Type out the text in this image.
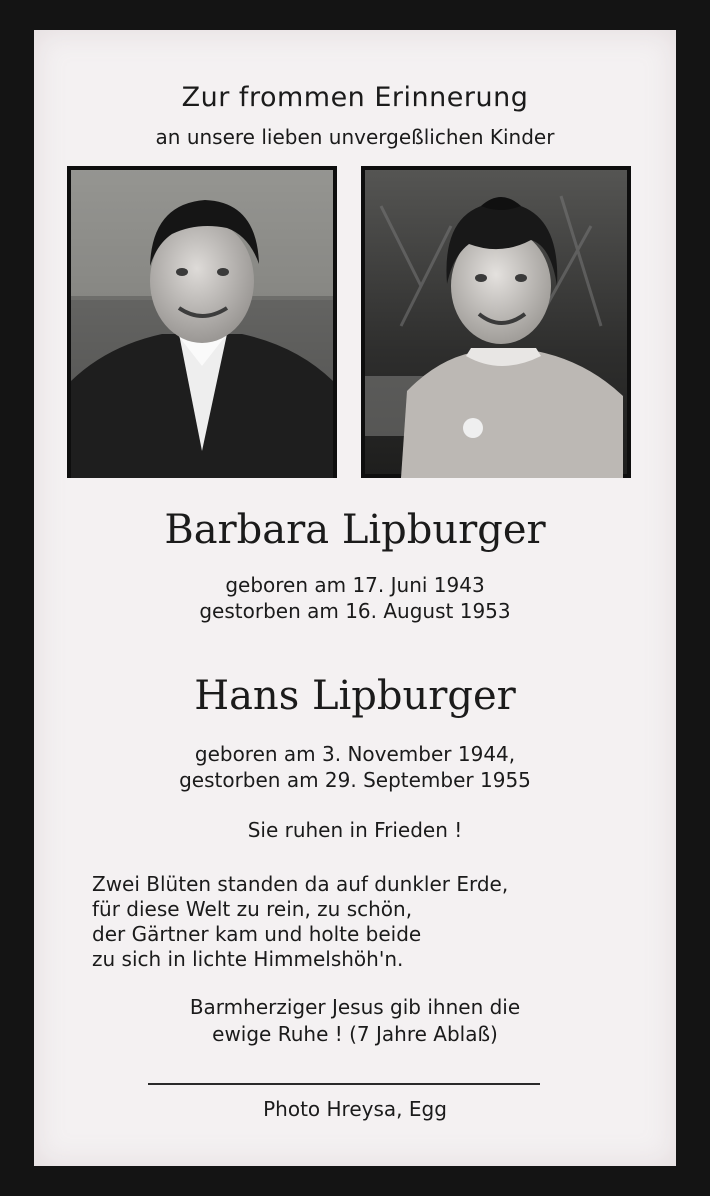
Zur frommen Erinnerung
an unsere lieben unvergeßlichen Kinder
Barbara Lipburger
geboren am 17. Juni 1943
gestorben am 16. August 1953
Hans Lipburger
geboren am 3. November 1944,
gestorben am 29. September 1955
Sie ruhen in Frieden !
Zwei Blüten standen da auf dunkler Erde,
für diese Welt zu rein, zu schön,
der Gärtner kam und holte beide
zu sich in lichte Himmelshöh'n.
Barmherziger Jesus gib ihnen die
ewige Ruhe ! (7 Jahre Ablaß)
Photo Hreysa, Egg
